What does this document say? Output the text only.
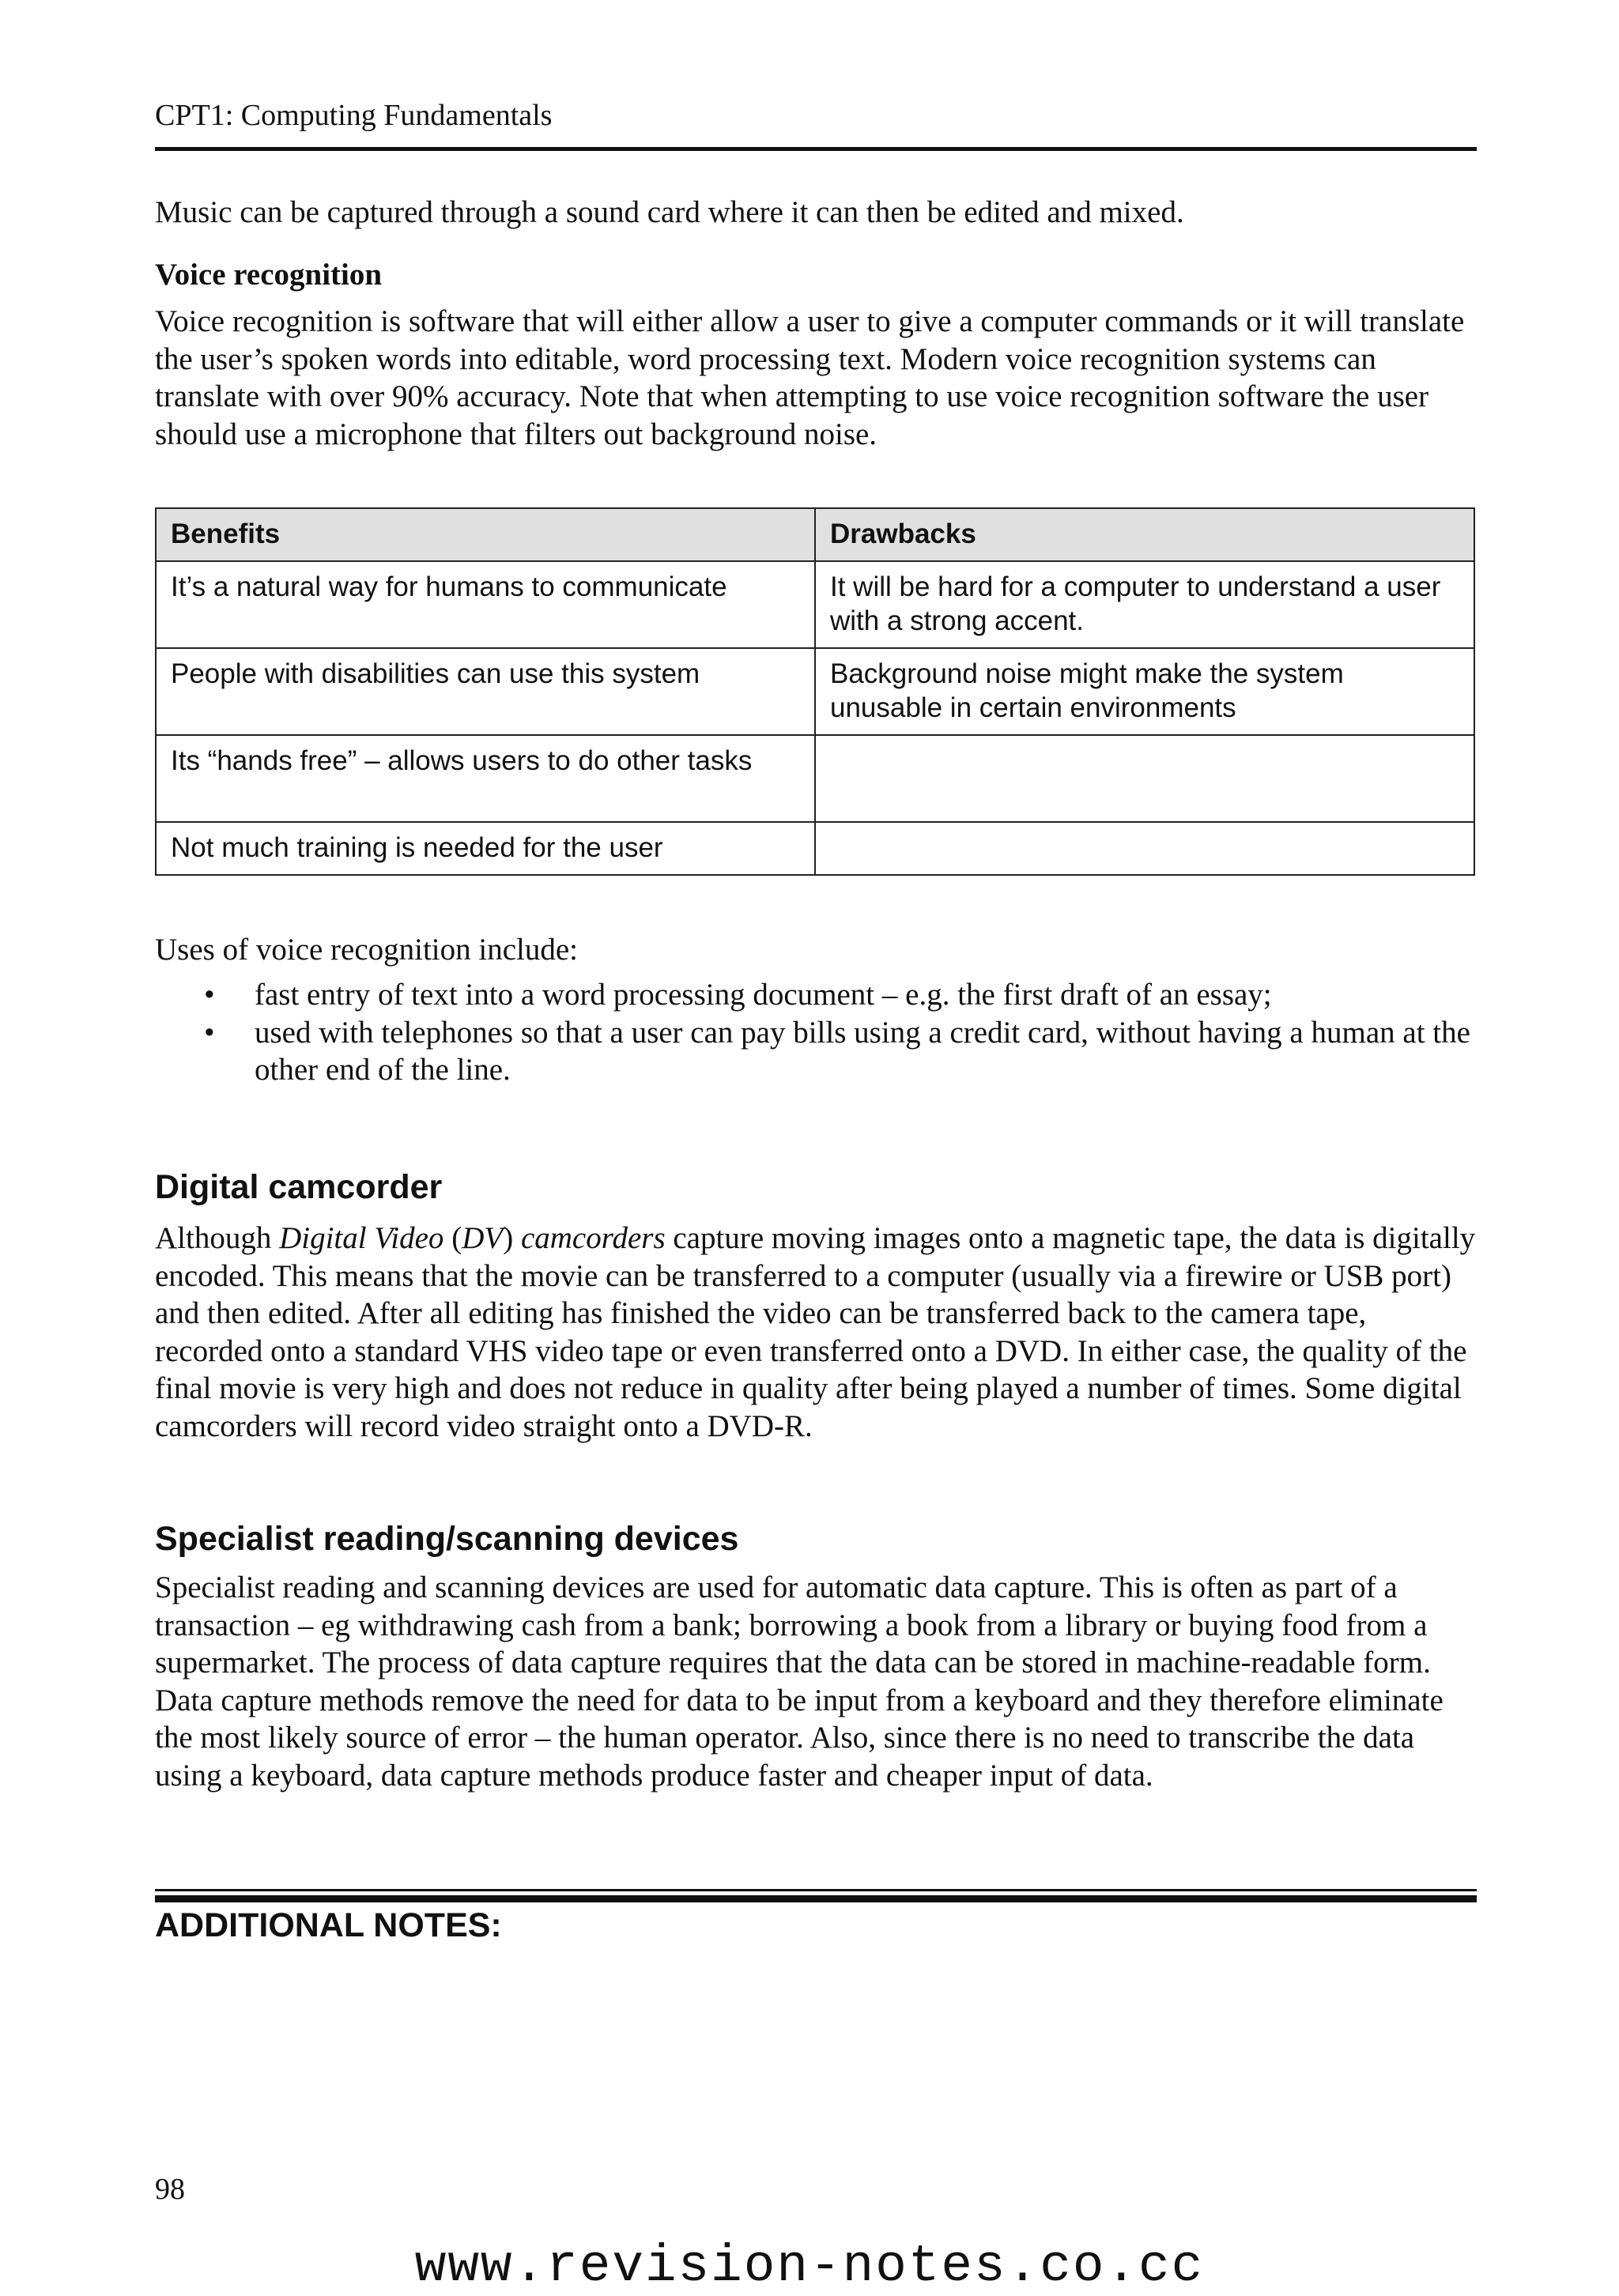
CPT1: Computing Fundamentals
Music can be captured through a sound card where it can then be edited and mixed.
Voice recognition
Voice recognition is software that will either allow a user to give a computer commands or it will translate the user’s spoken words into editable, word processing text. Modern voice recognition systems can translate with over 90% accuracy. Note that when attempting to use voice recognition software the user should use a microphone that filters out background noise.
Benefits	Drawbacks
It’s a natural way for humans to communicate	It will be hard for a computer to understand a user with a strong accent.
People with disabilities can use this system	Background noise might make the system unusable in certain environments
Its “hands free” – allows users to do other tasks	
Not much training is needed for the user	
Uses of voice recognition include:
• fast entry of text into a word processing document – e.g. the first draft of an essay;
• used with telephones so that a user can pay bills using a credit card, without having a human at the other end of the line.
Digital camcorder
Although Digital Video (DV) camcorders capture moving images onto a magnetic tape, the data is digitally encoded. This means that the movie can be transferred to a computer (usually via a firewire or USB port) and then edited. After all editing has finished the video can be transferred back to the camera tape, recorded onto a standard VHS video tape or even transferred onto a DVD. In either case, the quality of the final movie is very high and does not reduce in quality after being played a number of times. Some digital camcorders will record video straight onto a DVD-R.
Specialist reading/scanning devices
Specialist reading and scanning devices are used for automatic data capture. This is often as part of a transaction – eg withdrawing cash from a bank; borrowing a book from a library or buying food from a supermarket. The process of data capture requires that the data can be stored in machine-readable form. Data capture methods remove the need for data to be input from a keyboard and they therefore eliminate the most likely source of error – the human operator. Also, since there is no need to transcribe the data using a keyboard, data capture methods produce faster and cheaper input of data.
ADDITIONAL NOTES:
98
www.revision-notes.co.cc
